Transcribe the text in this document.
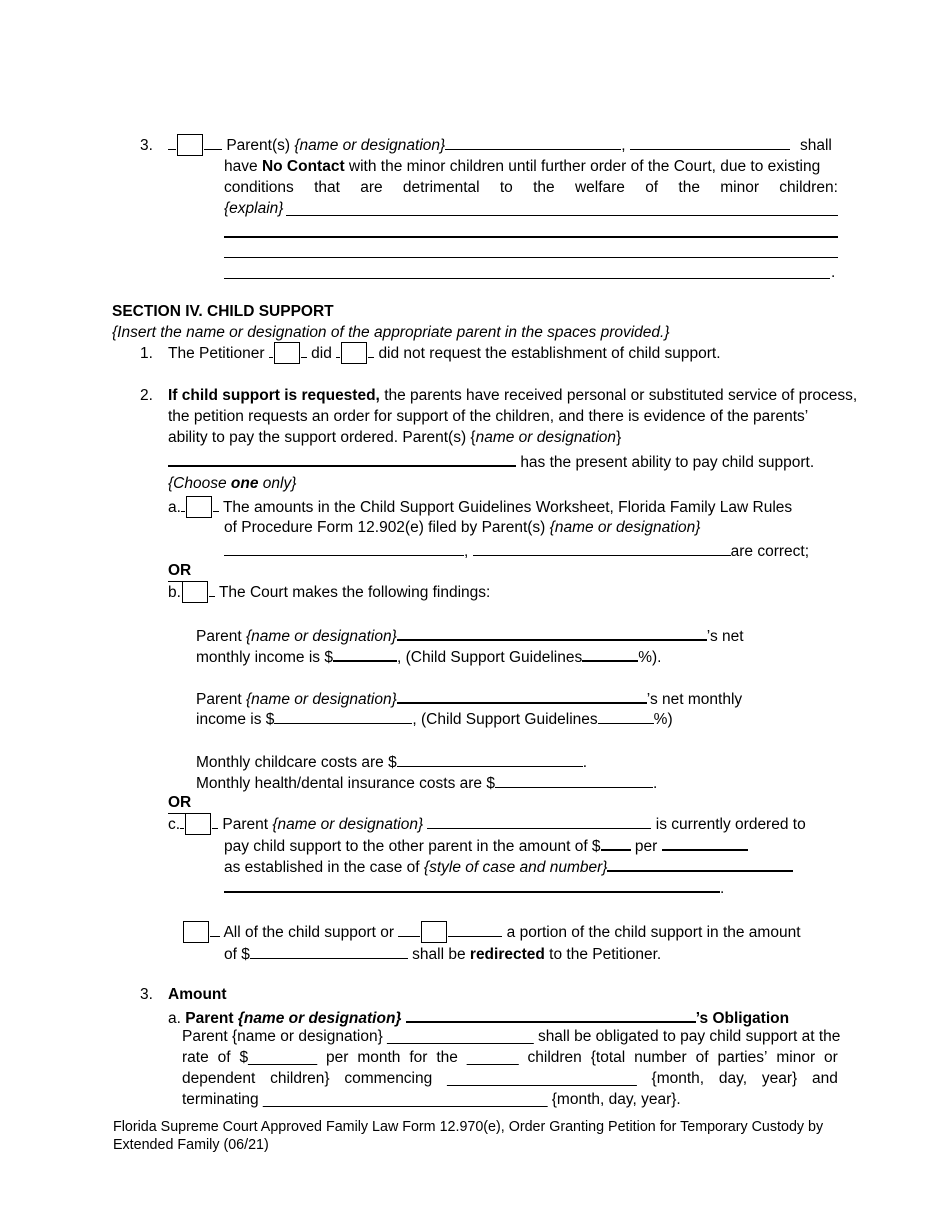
3.	Parent(s) {name or designation}	,	shall
have No Contact with the minor children until further order of the Court, due to existing
conditions that are detrimental to the welfare of the minor children:
{explain}
.
SECTION IV. CHILD SUPPORT
{Insert the name or designation of the appropriate parent in the spaces provided.}
1. The Petitioner	did	did not request the establishment of child support.
2. If child support is requested, the parents have received personal or substituted service of process,
the petition requests an order for support of the children, and there is evidence of the parents’
ability to pay the support ordered. Parent(s) {name or designation}
has the present ability to pay child support.
{Choose one only}
a.	The amounts in the Child Support Guidelines Worksheet, Florida Family Law Rules
of Procedure Form 12.902(e) filed by Parent(s) {name or designation}
,	are correct;
OR
b. The Court makes the following findings:
Parent {name or designation}	’s net
monthly income is $	, (Child Support Guidelines	%).
Parent {name or designation}	’s net monthly
income is $	, (Child Support Guidelines	%)
Monthly childcare costs are $	.
Monthly health/dental insurance costs are $	.
OR
c.	Parent {name or designation}	is currently ordered to
pay child support to the other parent in the amount of $ per
as established in the case of {style of case and number}
.
All of the child support or	a portion of the child support in the amount
of $	shall be redirected to the Petitioner.
3. Amount
a. Parent {name or designation}	’s Obligation
Parent {name or designation} _________________ shall be obligated to pay child support at the
rate of $________ per month for the ______ children {total number of parties’ minor or
dependent children} commencing ______________________ {month, day, year} and
terminating _________________________________ {month, day, year}.
Florida Supreme Court Approved Family Law Form 12.970(e), Order Granting Petition for Temporary Custody by Extended Family (06/21)
